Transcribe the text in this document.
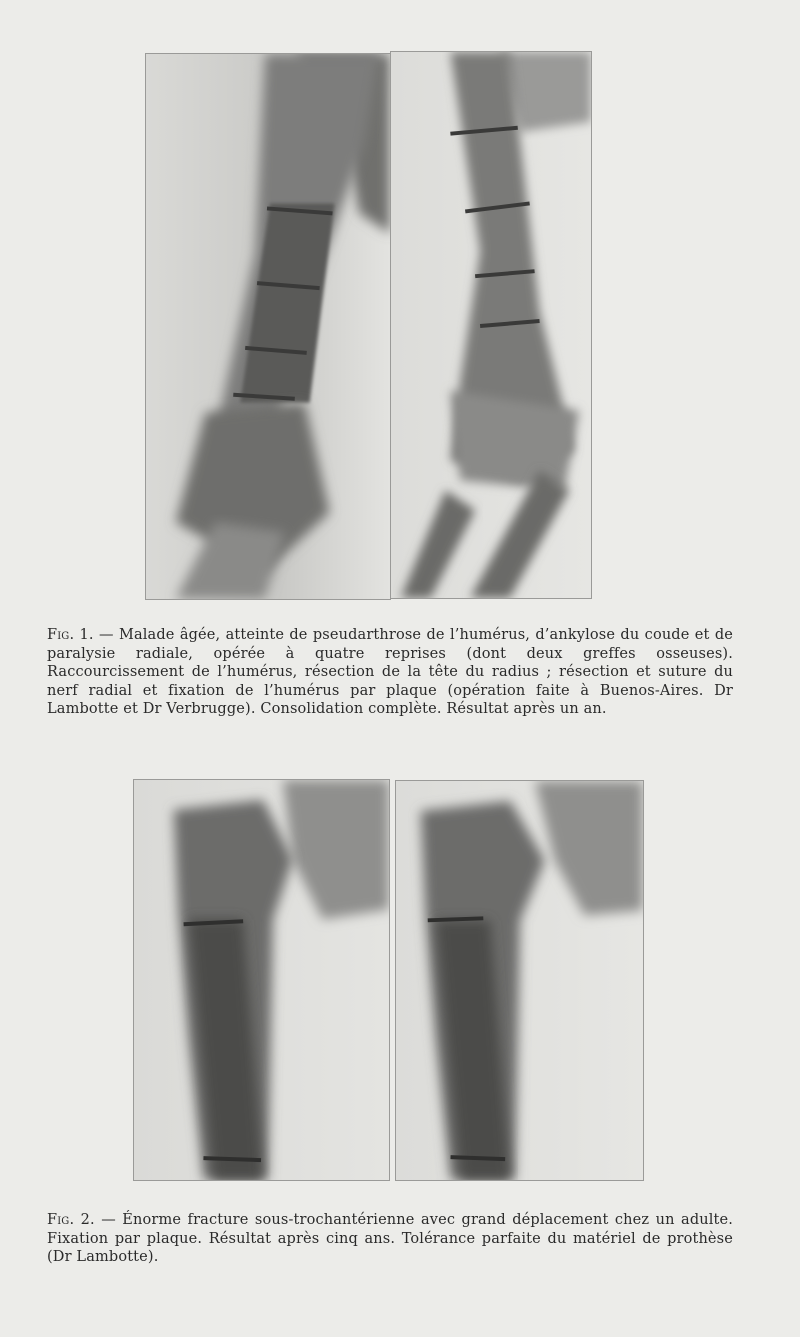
Fig. 1. — Malade âgée, atteinte de pseudarthrose de l’humérus, d’ankylose du coude et de paralysie radiale, opérée à quatre reprises (dont deux greffes osseuses). Raccourcissement de l’humérus, résection de la tête du radius ; résection et suture du nerf radial et fixation de l’humérus par plaque (opération faite à Buenos-Aires. Dr Lambotte et Dr Verbrugge). Consolidation complète. Résultat après un an.

Fig. 2. — Énorme fracture sous-trochantérienne avec grand déplacement chez un adulte. Fixation par plaque. Résultat après cinq ans. Tolérance parfaite du matériel de prothèse (Dr Lambotte).
